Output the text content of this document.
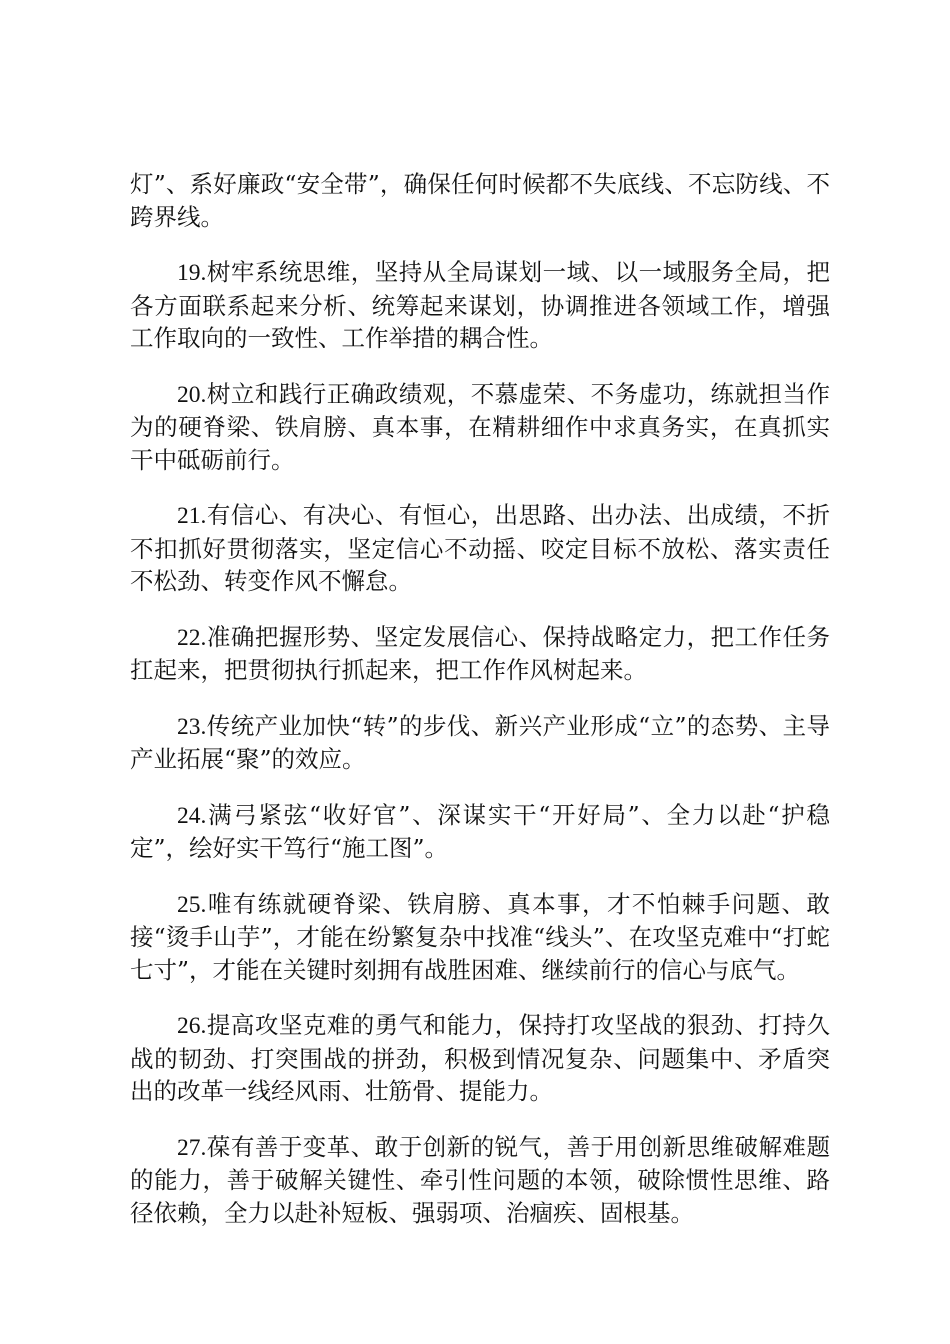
灯”、系好廉政“安全带”，确保任何时候都不失底线、不忘防线、不跨界线。

19.树牢系统思维，坚持从全局谋划一域、以一域服务全局，把各方面联系起来分析、统筹起来谋划，协调推进各领域工作，增强工作取向的一致性、工作举措的耦合性。

20.树立和践行正确政绩观，不慕虚荣、不务虚功，练就担当作为的硬脊梁、铁肩膀、真本事，在精耕细作中求真务实，在真抓实干中砥砺前行。

21.有信心、有决心、有恒心，出思路、出办法、出成绩，不折不扣抓好贯彻落实，坚定信心不动摇、咬定目标不放松、落实责任不松劲、转变作风不懈怠。

22.准确把握形势、坚定发展信心、保持战略定力，把工作任务扛起来，把贯彻执行抓起来，把工作作风树起来。

23.传统产业加快“转”的步伐、新兴产业形成“立”的态势、主导产业拓展“聚”的效应。

24.满弓紧弦“收好官”、深谋实干“开好局”、全力以赴“护稳定”，绘好实干笃行“施工图”。

25.唯有练就硬脊梁、铁肩膀、真本事，才不怕棘手问题、敢接“烫手山芋”，才能在纷繁复杂中找准“线头”、在攻坚克难中“打蛇七寸”，才能在关键时刻拥有战胜困难、继续前行的信心与底气。

26.提高攻坚克难的勇气和能力，保持打攻坚战的狠劲、打持久战的韧劲、打突围战的拼劲，积极到情况复杂、问题集中、矛盾突出的改革一线经风雨、壮筋骨、提能力。

27.葆有善于变革、敢于创新的锐气，善于用创新思维破解难题的能力，善于破解关键性、牵引性问题的本领，破除惯性思维、路径依赖，全力以赴补短板、强弱项、治痼疾、固根基。
